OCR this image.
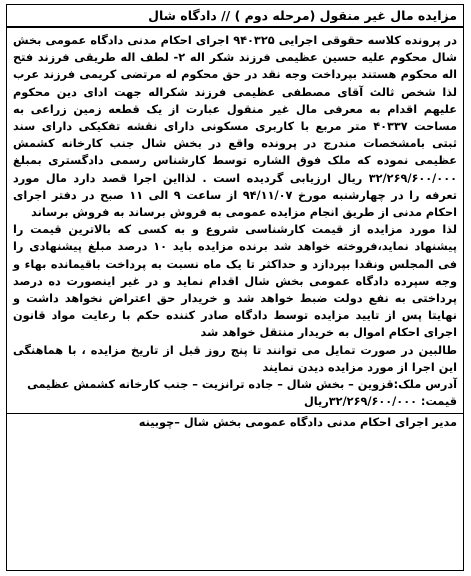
مزایده مال غیر منقول (مرحله دوم ) // دادگاه شال

در پرونده کلاسه حقوقی اجرایی ۹۴۰۳۲۵ اجرای احکام مدنی دادگاه عمومی بخش شال محکوم علیه حسین عظیمی فرزند شکر اله ۲- لطف اله طریقی فرزند فتح اله محکوم هستند بپرداخت وجه نقد در حق محکوم له مرتضی کریمی فرزند عرب لذا شخص ثالث آقای مصطفی عظیمی فرزند شکراله جهت ادای دین محکوم علیهم اقدام به معرفی مال غیر منقول عبارت از یک قطعه زمین زراعی به مساحت ۴۰۳۳۷ متر مربع با کاربری مسکونی دارای نقشه تفکیکی دارای سند ثبتی بامشخصات مندرج در پرونده واقع در بخش شال جنب کارخانه کشمش عظیمی نموده که ملک فوق الشاره توسط کارشناس رسمی دادگستری بمبلغ ۳۲/۲۶۹/۶۰۰/۰۰۰ ریال ارزیابی گردیده است . لذااین اجرا قصد دارد مال مورد تعرفه را در چهارشنبه مورخ ۹۴/۱۱/۰۷ از ساعت ۹ الی ۱۱ صبح در دفتر اجرای احکام مدنی از طریق انجام مزایده عمومی به فروش برساند به فروش برساند

لذا مورد مزایده از قیمت کارشناسی شروع و به کسی که بالاترین قیمت را پیشنهاد نماید،فروخته خواهد شد برنده مزایده باید ۱۰ درصد مبلغ پیشنهادی را فی المجلس ونقدا بپردازد و حداکثر تا یک ماه نسبت به پرداخت باقیمانده بهاء و وجه سپرده دادگاه عمومی بخش شال اقدام نماید و در غیر اینصورت ده درصد پرداختی به نفع دولت ضبط خواهد شد و خریدار حق اعتراض نخواهد داشت و نهایتا پس از تایید مزایده توسط دادگاه صادر کننده حکم با رعایت مواد قانون اجرای احکام اموال به خریدار منتقل خواهد شد

طالبین در صورت تمایل می توانند تا پنج روز قبل از تاریخ مزایده ، با هماهنگی این اجرا از مورد مزایده دیدن نمایند

آدرس ملک:قزوین – بخش شال – جاده ترانزیت – جنب کارخانه کشمش عظیمی

قیمت: ۳۲/۲۶۹/۶۰۰/۰۰۰ریال

مدیر اجرای احکام مدنی دادگاه عمومی بخش شال –چوبینه
